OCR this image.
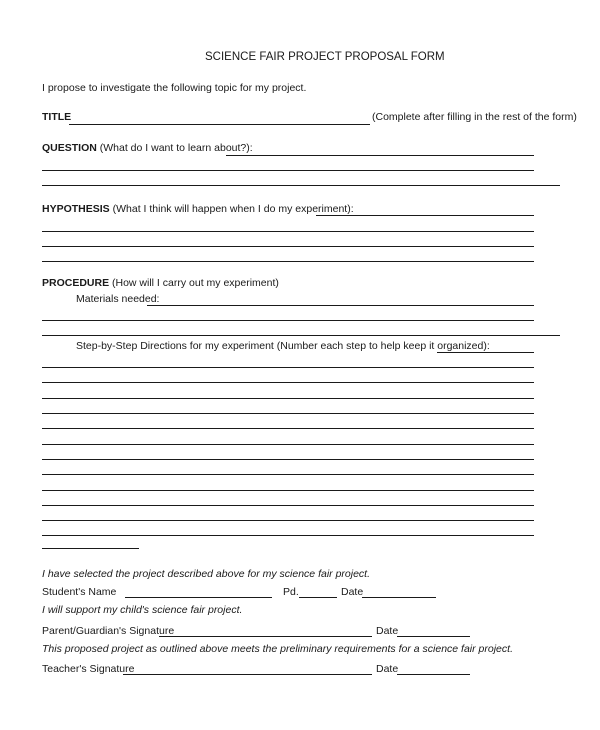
SCIENCE FAIR PROJECT PROPOSAL FORM
I propose to investigate the following topic for my project.
TITLE	(Complete after filling in the rest of the form)
QUESTION (What do I want to learn about?):
HYPOTHESIS (What I think will happen when I do my experiment):
PROCEDURE (How will I carry out my experiment)
Materials needed:
Step-by-Step Directions for my experiment (Number each step to help keep it organized):
I have selected the project described above for my science fair project.
Student's Name	Pd.	Date
I will support my child's science fair project.
Parent/Guardian's Signature	Date
This proposed project as outlined above meets the preliminary requirements for a science fair project.
Teacher's Signature	Date
